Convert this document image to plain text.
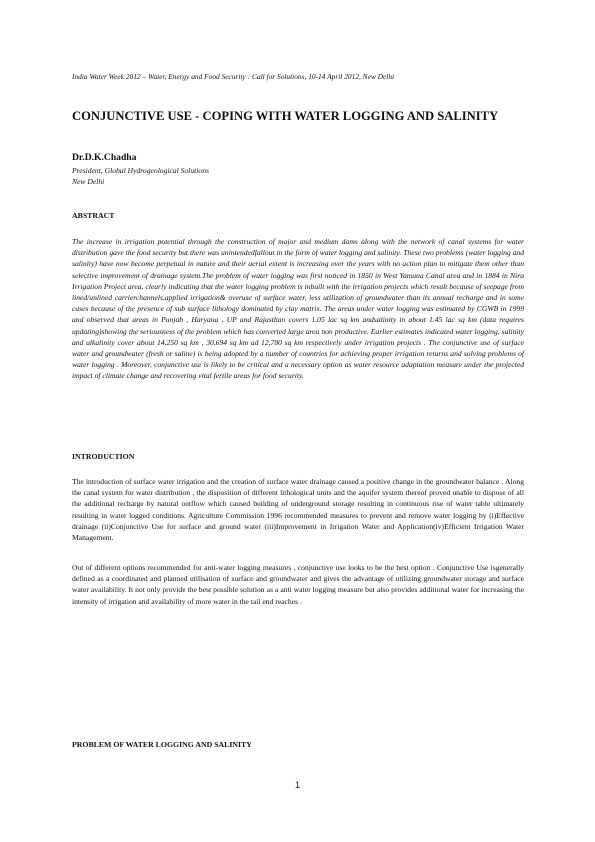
India Water Week 2012 – Water, Energy and Food Security : Call for Solutions, 10-14 April 2012, New Delhi
CONJUNCTIVE USE - COPING WITH WATER LOGGING AND SALINITY
Dr.D.K.Chadha
President, Global Hydrogeological Solutions
New Delhi
ABSTRACT

The increase in irrigation potential through the construction of major and medium dams along with the network of canal systems for water distribution gave the food security but there was unintendedfallout in the form of water logging and salinity. These two problems (water logging and salinity) have now become perpetual in nature and their aerial extent is increasing over the years with no action plan to mitigate them other than selective improvement of drainage system.The problem of water logging was first noticed in 1850 in West Yamuna Canal area and in 1884 in Nira Irrigation Project area, clearly indicating that the water logging problem is inbuilt with the irrigation projects which result because of seepage from lined/unlined carrierchannels,applied irrigation& overuse of surface water, less utilization of groundwater than its annual recharge and in some cases because of the presence of sub surface lithology dominated by clay matrix. The areas under water logging was estimated by CGWB in 1999 and observed that areas in Punjab , Haryana , UP and Rajasthan covers 1.05 lac sq km andsalinity in about 1.45 lac sq km (data requires updating)showing the seriousness of the problem which has converted large area non productive. Earlier estimates indicated water logging, salinity and alkalinity cover about 14,250 sq km , 30,694 sq km ad 12,780 sq km respectively under irrigation projects . The conjunctive use of surface water and groundwater (fresh or saline) is being adopted by a number of countries for achieving proper irrigation returns and solving problems of water logging . Moreover, conjunctive use is likely to be critical and a necessary option as water resource adaptation measure under the projected impact of climate change and recovering vital fertile areas for food security.

INTRODUCTION

The introduction of surface water irrigation and the creation of surface water drainage caused a positive change in the groundwater balance . Along the canal system for water distribution , the disposition of different lithological units and the aquifer system thereof proved unable to dispose of all the additional recharge by natural outflow which caused building of underground storage resulting in continuous rise of water table ultimately resulting in water logged conditions. Agriculture Commission 1996 recommended measures to prevent and remove water logging by (i)Effective drainage (ii)Conjunctive Use for surface and ground water (iii)Improvement in Irrigation Water and Application(iv)Efficient Irrigation Water Management.

Out of different options recommended for anti-water logging measures , conjunctive use looks to be the best option . Conjunctive Use isgenerally defined as a coordinated and planned utilisation of surface and groundwater and gives the advantage of utilizing groundwater storage and surface water availability. It not only provide the best possible solution as a anti water logging measure but also provides additional water for increasing the intensity of irrigation and availability of more water in the tail end reaches .

PROBLEM OF WATER LOGGING AND SALINITY
1
